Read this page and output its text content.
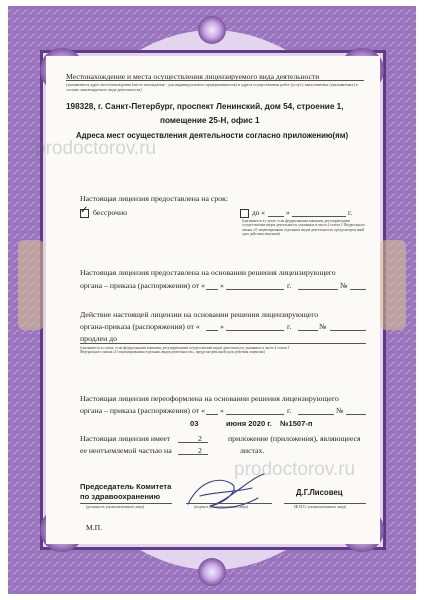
Местонахождение и места осуществления лицензируемого вида деятельности
(указываются адрес местонахождения (место нахождения - для индивидуального предпринимателя) и адреса осуществления работ (услуг), выполняемых (оказываемых) в составе лицензируемого вида деятельности)
198328, г. Санкт-Петербург, проспект Ленинский, дом 54, строение 1,
помещение 25-Н, офис 1
Адреса мест осуществления деятельности согласно приложению(ям)
prodoctorov.ru
Настоящая лицензия предоставлена на срок:
✓ бессрочно	до «	»	г.
(указывается в случае, если федеральными законами, регулирующими осуществление видов деятельности, указанных в части 4 статьи 1 Федерального закона «О лицензировании отдельных видов деятельности» предусмотрен иной срок действия лицензии)
Настоящая лицензия предоставлена на основании решения лицензирующего
органа – приказа (распоряжения) от « »	г.	№
Действие настоящей лицензии на основании решения лицензирующего
органа-приказа (распоряжения) от «	»	г.	№
продлен до
(указывается в случае, если федеральными законами, регулирующими осуществление видов деятельности, указанных в части 4 статьи 1 Федерального закона «О лицензировании отдельных видов деятельности», предусмотрен иной срок действия лицензии)
Настоящая лицензия переоформлена на основании решения лицензирующего
органа – приказа (распоряжения) от « »	г.	№
03	июня 2020 г. №1507-п
Настоящая лицензия имеет	2	приложение (приложения), являющееся
ее неотъемлемой частью на	2	листах.
prodoctorov.ru
Председатель Комитета
по здравоохранению
(должность уполномоченного лица)	(подпись уполномоченного лица)
Д.Г.Лисовец
(Ф.И.О. уполномоченного лица)
М.П.
